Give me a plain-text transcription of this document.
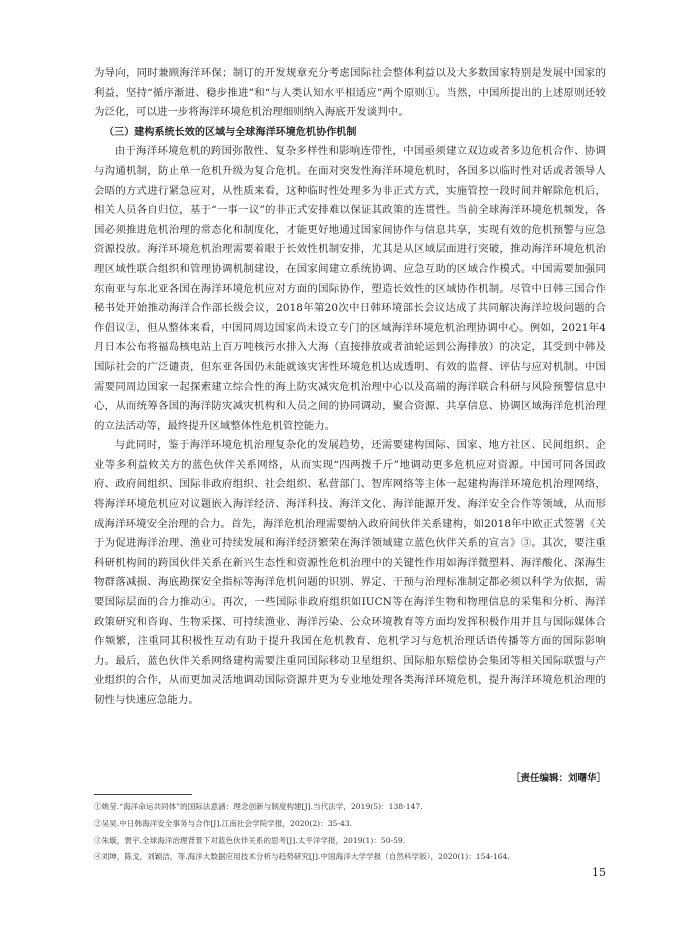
为导向，同时兼顾海洋环保；制订的开发规章充分考虑国际社会整体利益以及大多数国家特别是发展中国家的利益，坚持“循序渐进、稳步推进”和“与人类认知水平相适应”两个原则①。当然，中国所提出的上述原则还较为泛化，可以进一步将海洋环境危机治理细则纳入海底开发谈判中。

（三）建构系统长效的区域与全球海洋环境危机协作机制

由于海洋环境危机的跨国弥散性、复杂多样性和影响连带性，中国亟须建立双边或者多边危机合作、协调与沟通机制，防止单一危机升级为复合危机。在面对突发性海洋环境危机时，各国多以临时性对话或者领导人会晤的方式进行紧急应对，从性质来看，这种临时性处理多为非正式方式，实施管控一段时间并解除危机后，相关人员各自归位，基于“一事一议”的非正式安排难以保证其政策的连贯性。当前全球海洋环境危机频发，各国必须推进危机治理的常态化和制度化，才能更好地通过国家间协作与信息共享，实现有效的危机预警与应急资源投放。海洋环境危机治理需要着眼于长效性机制安排，尤其是从区域层面进行突破，推动海洋环境危机治理区域性联合组织和管理协调机制建设，在国家间建立系统协调、应急互助的区域合作模式。中国需要加强同东南亚与东北亚各国在海洋环境危机应对方面的国际协作，塑造长效性的区域协作机制。尽管中日韩三国合作秘书处开始推动海洋合作部长级会议，2018年第20次中日韩环境部长会议达成了共同解决海洋垃圾问题的合作倡议②，但从整体来看，中国同周边国家尚未设立专门的区域海洋环境危机治理协调中心。例如，2021年4月日本公布将福岛核电站上百万吨核污水排入大海（直接排放或者油轮运到公海排放）的决定，其受到中韩及国际社会的广泛谴责，但东亚各国仍未能就该灾害性环境危机达成透明、有效的监督、评估与应对机制。中国需要同周边国家一起探索建立综合性的海上防灾减灾危机治理中心以及高端的海洋联合科研与风险预警信息中心，从而统筹各国的海洋防灾减灾机构和人员之间的协同调动，聚合资源、共享信息、协调区域海洋危机治理的立法活动等，最终提升区域整体性危机管控能力。

与此同时，鉴于海洋环境危机治理复杂化的发展趋势，还需要建构国际、国家、地方社区、民间组织、企业等多利益攸关方的蓝色伙伴关系网络，从而实现“四两拨千斤”地调动更多危机应对资源。中国可同各国政府、政府间组织、国际非政府组织、社会组织、私营部门、智库网络等主体一起建构海洋环境危机治理网络，将海洋环境危机应对议题嵌入海洋经济、海洋科技、海洋文化、海洋能源开发、海洋安全合作等领域，从而形成海洋环境安全治理的合力。首先，海洋危机治理需要纳入政府间伙伴关系建构，如2018年中欧正式签署《关于为促进海洋治理、渔业可持续发展和海洋经济繁荣在海洋领域建立蓝色伙伴关系的宣言》③。其次，要注重科研机构间的跨国伙伴关系在新兴生态性和资源性危机治理中的关键性作用如海洋微塑料、海洋酸化、深海生物群落减损、海底勘探安全指标等海洋危机问题的识别、界定、干预与治理标准制定都必须以科学为依据，需要国际层面的合力推动④。再次，一些国际非政府组织如IUCN等在海洋生物和物理信息的采集和分析、海洋政策研究和咨询、生物采探、可持续渔业、海洋污染、公众环境教育等方面均发挥积极作用并且与国际媒体合作频繁，注重同其积极性互动有助于提升我国在危机教育、危机学习与危机治理话语传播等方面的国际影响力。最后，蓝色伙伴关系网络建构需要注重同国际移动卫星组织、国际船东赔偿协会集团等相关国际联盟与产业组织的合作，从而更加灵活地调动国际资源并更为专业地处理各类海洋环境危机，提升海洋环境危机治理的韧性与快速应急能力。

［责任编辑：刘曙华］
①姚莹.“海洋命运共同体”的国际法意涵：理念创新与制度构建[J].当代法学，2019(5)：138-147.
②吴昊.中日韩海洋安全事务与合作[J].江南社会学院学报，2020(2)：35-43.
③朱璇，贾宇.全球海洋治理背景下对蓝色伙伴关系的思考[J].太平洋学报，2019(1)：50-59.
④刘坤，陈戈，刘颖洁，等.海洋大数据应用技术分析与趋势研究[J].中国海洋大学学报（自然科学版），2020(1)：154-164.
15
